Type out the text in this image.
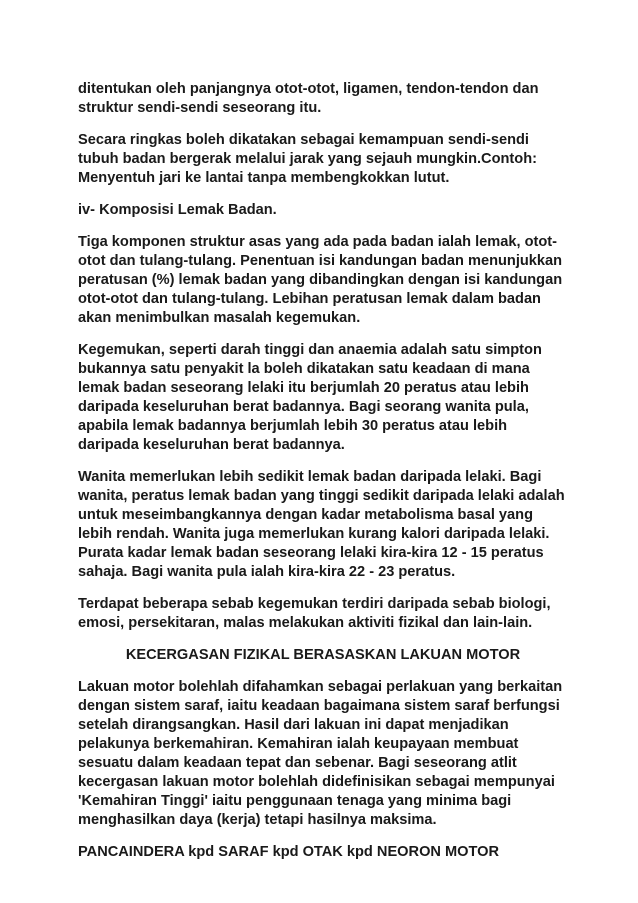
ditentukan oleh panjangnya otot-otot, ligamen, tendon-tendon dan
struktur sendi-sendi seseorang itu.
Secara ringkas boleh dikatakan sebagai kemampuan sendi-sendi
tubuh badan bergerak melalui jarak yang sejauh mungkin.Contoh:
Menyentuh jari ke lantai tanpa membengkokkan lutut.
iv- Komposisi Lemak Badan.
Tiga komponen struktur asas yang ada pada badan ialah lemak, otot-
otot dan tulang-tulang. Penentuan isi kandungan badan menunjukkan
peratusan (%) lemak badan yang dibandingkan dengan isi kandungan
otot-otot dan tulang-tulang. Lebihan peratusan lemak dalam badan
akan menimbulkan masalah kegemukan.
Kegemukan, seperti darah tinggi dan anaemia adalah satu simpton
bukannya satu penyakit la boleh dikatakan satu keadaan di mana
lemak badan seseorang lelaki itu berjumlah 20 peratus atau lebih
daripada keseluruhan berat badannya. Bagi seorang wanita pula,
apabila lemak badannya berjumlah lebih 30 peratus atau lebih
daripada keseluruhan berat badannya.
Wanita memerlukan lebih sedikit lemak badan daripada lelaki. Bagi
wanita, peratus lemak badan yang tinggi sedikit daripada lelaki adalah
untuk meseimbangkannya dengan kadar metabolisma basal yang
lebih rendah. Wanita juga memerlukan kurang kalori daripada lelaki.
Purata kadar lemak badan seseorang lelaki kira-kira 12 - 15 peratus
sahaja. Bagi wanita pula ialah kira-kira 22 - 23 peratus.
Terdapat beberapa sebab kegemukan terdiri daripada sebab biologi,
emosi, persekitaran, malas melakukan aktiviti fizikal dan lain-lain.
KECERGASAN FIZIKAL BERASASKAN LAKUAN MOTOR
Lakuan motor bolehlah difahamkan sebagai perlakuan yang berkaitan
dengan sistem saraf, iaitu keadaan bagaimana sistem saraf berfungsi
setelah dirangsangkan. Hasil dari lakuan ini dapat menjadikan
pelakunya berkemahiran. Kemahiran ialah keupayaan membuat
sesuatu dalam keadaan tepat dan sebenar. Bagi seseorang atlit
kecergasan lakuan motor bolehlah didefinisikan sebagai mempunyai
'Kemahiran Tinggi' iaitu penggunaan tenaga yang minima bagi
menghasilkan daya (kerja) tetapi hasilnya maksima.
PANCAINDERA kpd SARAF kpd OTAK kpd NEORON MOTOR
